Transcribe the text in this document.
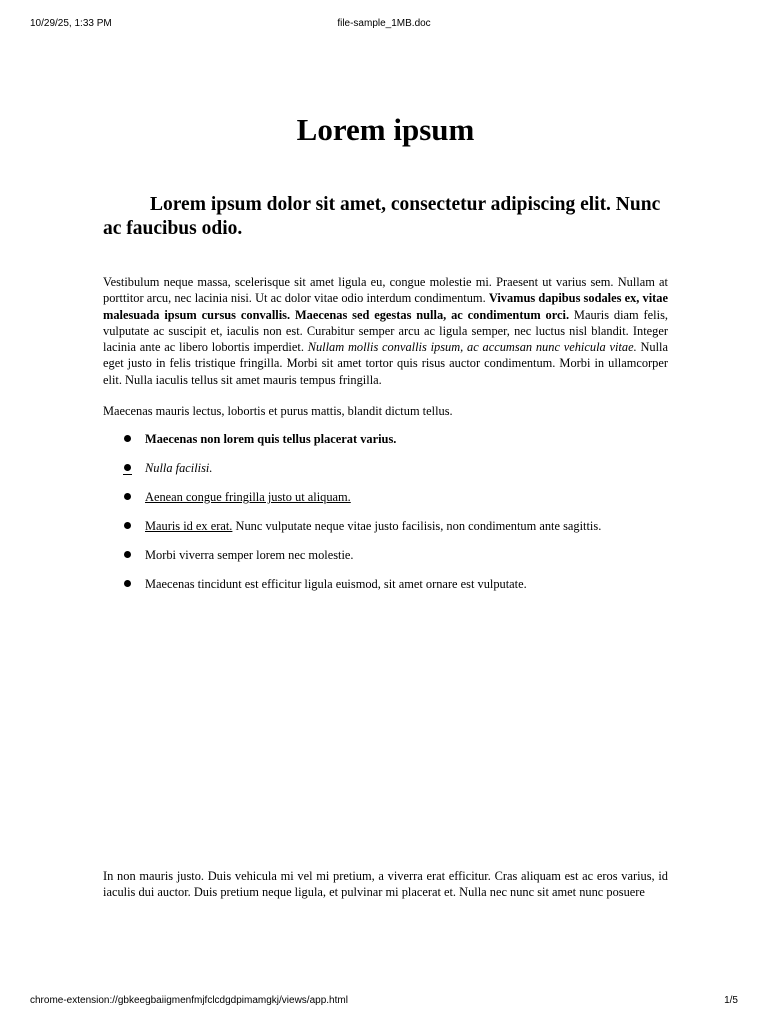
10/29/25, 1:33 PM	file-sample_1MB.doc
Lorem ipsum
Lorem ipsum dolor sit amet, consectetur adipiscing elit. Nunc ac faucibus odio.

Vestibulum neque massa, scelerisque sit amet ligula eu, congue molestie mi. Praesent ut varius sem. Nullam at porttitor arcu, nec lacinia nisi. Ut ac dolor vitae odio interdum condimentum. Vivamus dapibus sodales ex, vitae malesuada ipsum cursus convallis. Maecenas sed egestas nulla, ac condimentum orci. Mauris diam felis, vulputate ac suscipit et, iaculis non est. Curabitur semper arcu ac ligula semper, nec luctus nisl blandit. Integer lacinia ante ac libero lobortis imperdiet. Nullam mollis convallis ipsum, ac accumsan nunc vehicula vitae. Nulla eget justo in felis tristique fringilla. Morbi sit amet tortor quis risus auctor condimentum. Morbi in ullamcorper elit. Nulla iaculis tellus sit amet mauris tempus fringilla.

Maecenas mauris lectus, lobortis et purus mattis, blandit dictum tellus.

Maecenas non lorem quis tellus placerat varius.
Nulla facilisi.
Aenean congue fringilla justo ut aliquam.
Mauris id ex erat. Nunc vulputate neque vitae justo facilisis, non condimentum ante sagittis.
Morbi viverra semper lorem nec molestie.
Maecenas tincidunt est efficitur ligula euismod, sit amet ornare est vulputate.

In non mauris justo. Duis vehicula mi vel mi pretium, a viverra erat efficitur. Cras aliquam est ac eros varius, id iaculis dui auctor. Duis pretium neque ligula, et pulvinar mi placerat et. Nulla nec nunc sit amet nunc posuere

chrome-extension://gbkeegbaiigmenfmjfclcdgdpimamgkj/views/app.html	1/5
